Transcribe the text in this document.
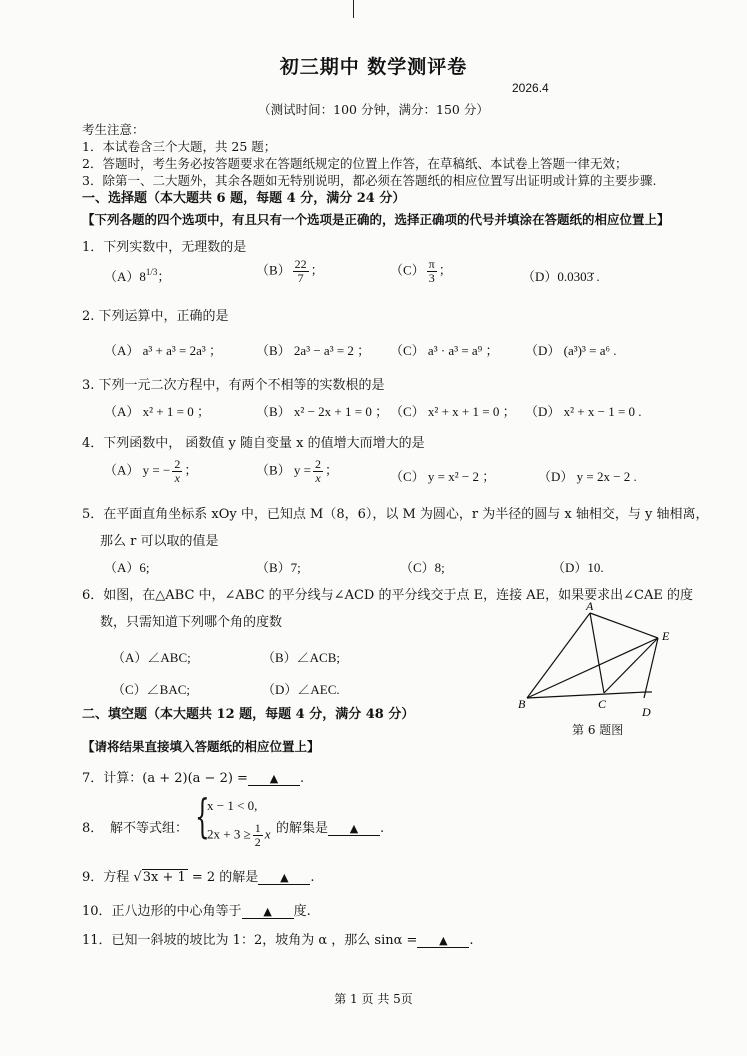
初三期中 数学测评卷
2026.4
（测试时间：100 分钟，满分：150 分）
考生注意：
1．本试卷含三个大题，共 25 题；
2．答题时，考生务必按答题要求在答题纸规定的位置上作答，在草稿纸、本试卷上答题一律无效；
3．除第一、二大题外，其余各题如无特别说明，都必须在答题纸的相应位置写出证明或计算的主要步骤.
一、选择题（本大题共 6 题，每题 4 分，满分 24 分）
【下列各题的四个选项中，有且只有一个选项是正确的，选择正确项的代号并填涂在答题纸的相应位置上】
1．下列实数中，无理数的是
$(A)8^{1/3}$；	$(B) \frac{22}{7}$ ；	$(C) \frac{\pi}{3}$ ；	（D）0.0303̇̇ .
2. 下列运算中，正确的是
（A） a³ + a³ = 2a³ ；	（B） 2a³ − a³ = 2 ； （C） a³ · a³ = a⁹ ； （D） (a³)³ = a⁶ .
3. 下列一元二次方程中，有两个不相等的实数根的是
（A） x² + 1 = 0 ；	（B） x² − 2x + 1 = 0 ； （C） x² + x + 1 = 0 ； （D） x² + x − 1 = 0 .
4．下列函数中， 函数值 y 随自变量 x 的值增大而增大的是
（A） y = − $\frac{2}{x}$ ；	（B） $y = \frac{2}{x}$ ；	（C） y = x² − 2 ；	（D） y = 2x − 2 .
5．在平面直角坐标系 xOy 中，已知点 M（8，6），以 M 为圆心，r 为半径的圆与 x 轴相交，与 y 轴相离，
那么 r 可以取的值是
（A）6;	（B）7;	（C）8;	（D）10.
6．如图，在△ABC 中，∠ABC 的平分线与∠ACD 的平分线交于点 E，连接 AE，如果要求出∠CAE 的度
数，只需知道下列哪个角的度数
（A）∠ABC;	（B）∠ACB;
（C）∠BAC;	（D）∠AEC.
A
B	C
D
E
第 6 题图
二、填空题（本大题共 12 题，每题 4 分，满分 48 分）
【请将结果直接填入答题纸的相应位置上】
7．计算：(a + 2)(a − 2) = ▲ .
8． 解不等式组： {
x − 1 < 0,
$2x + 3 \ge \frac{1}{2}$ x 的解集是 ▲ .
9．方程 √3x + 1 = 2 的解是 ▲ .
10．正八边形的中心角等于 ▲ 度.
11．已知一斜坡的坡比为 1：2，坡角为 α ，那么 sinα = ▲ .
第 1 页 共 5页
